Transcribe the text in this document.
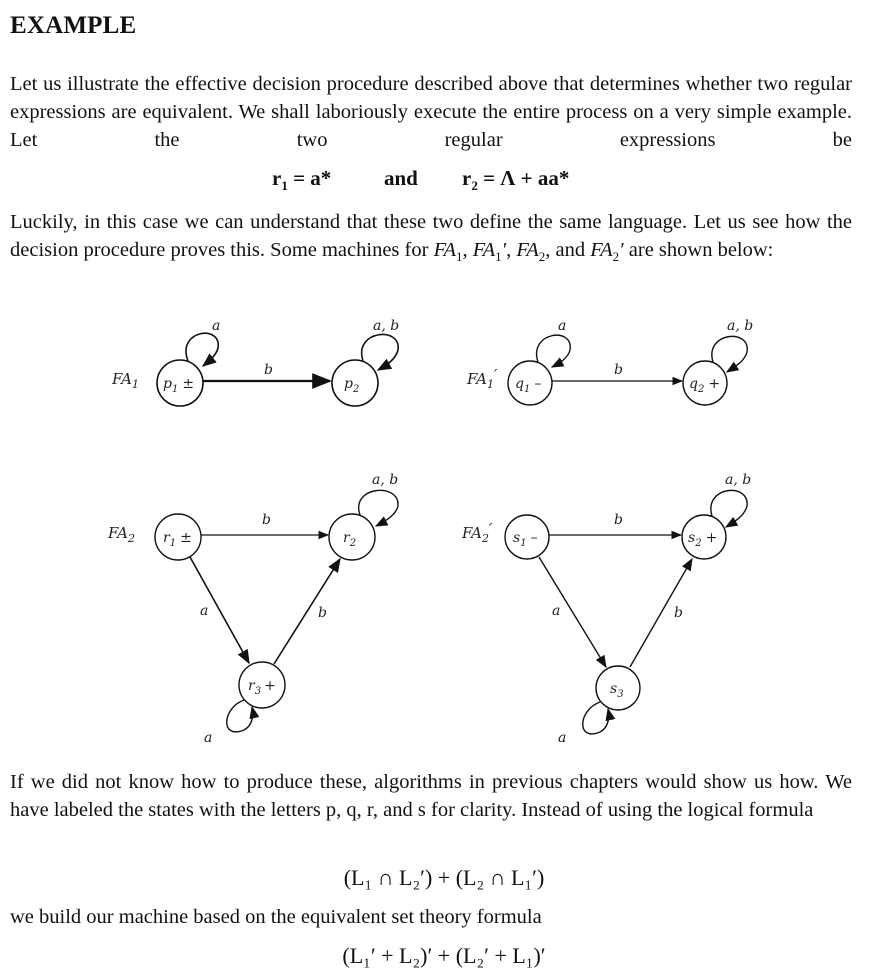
EXAMPLE

Let us illustrate the effective decision procedure described above that determines whether two regular expressions are equivalent. We shall laboriously execute the entire process on a very simple example. Let the two regular expressions be

$r_1 = a*$	and $r_2 = \Lambda + aa*$

Luckily, in this case we can understand that these two define the same language. Let us see how the decision procedure proves this. Some machines for $FA_1$, $FA_1'$, $FA_2$, and $FA_2'$ are shown below:

$FA_1$ $p_1$ ±	$p_2$
a	a, b
b	$FA_1'$ $q_1$ –	$q_2$ +
a	a, b
b
$FA_2$ $r_1$ ±	$r_2$
$r_3$ +
a, b
a
b
a	b
$FA_2'$ $s_1$ –	$s_2$ +
$s_3$
a, b
a
b
a	b

If we did not know how to produce these, algorithms in previous chapters would show us how. We have labeled the states with the letters p, q, r, and s for clarity. Instead of using the logical formula

(L₁ ∩ L₂′) + (L₂ ∩ L₁′)

we build our machine based on the equivalent set theory formula

(L₁′ + L₂)′ + (L₂′ + L₁)′
